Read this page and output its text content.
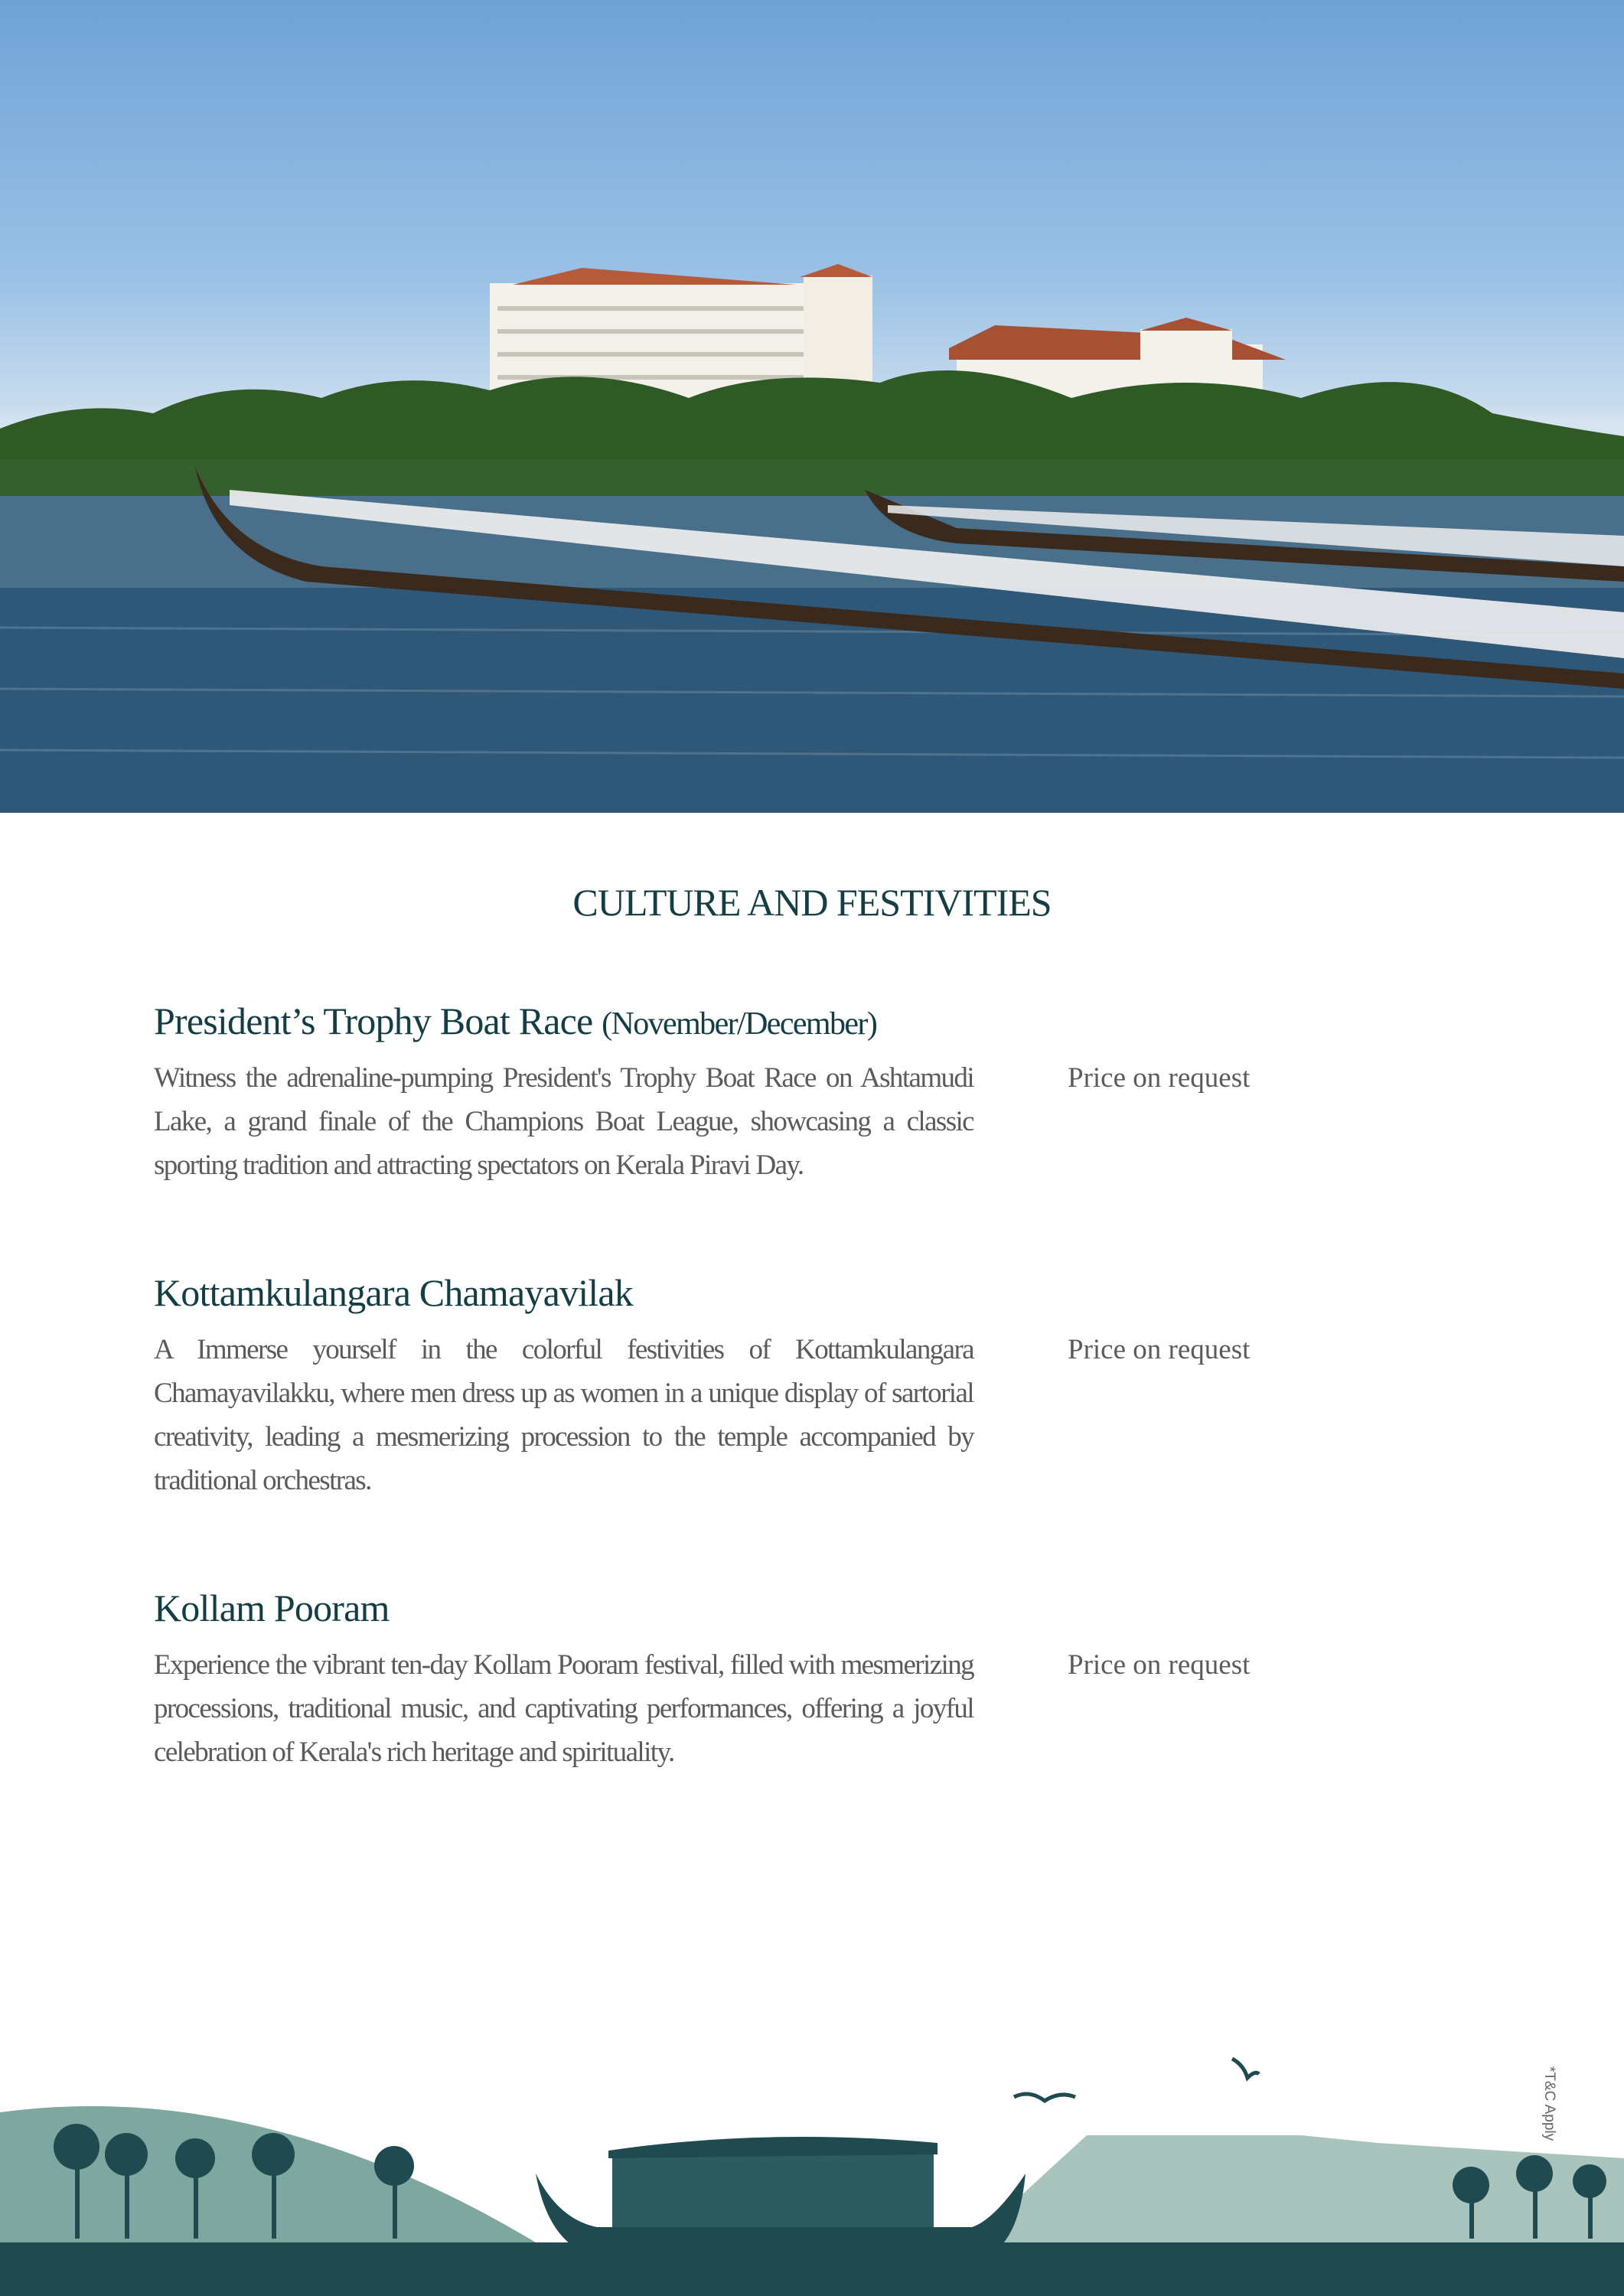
CULTURE AND FESTIVITIES
President’s Trophy Boat Race (November/December)
Witness the adrenaline-pumping President's Trophy Boat Race on Ashtamudi Lake, a grand finale of the Champions Boat League, showcasing a classic sporting tradition and attracting spectators on Kerala Piravi Day.
Price on request
Kottamkulangara Chamayavilak
A Immerse yourself in the colorful festivities of Kottamkulangara Chamayavilakku, where men dress up as women in a unique display of sartorial creativity, leading a mesmerizing procession to the temple accompanied by traditional orchestras.
Price on request
Kollam Pooram
Experience the vibrant ten-day Kollam Pooram festival, filled with mesmerizing processions, traditional music, and captivating performances, offering a joyful celebration of Kerala's rich heritage and spirituality.
Price on request
*T&C Apply
